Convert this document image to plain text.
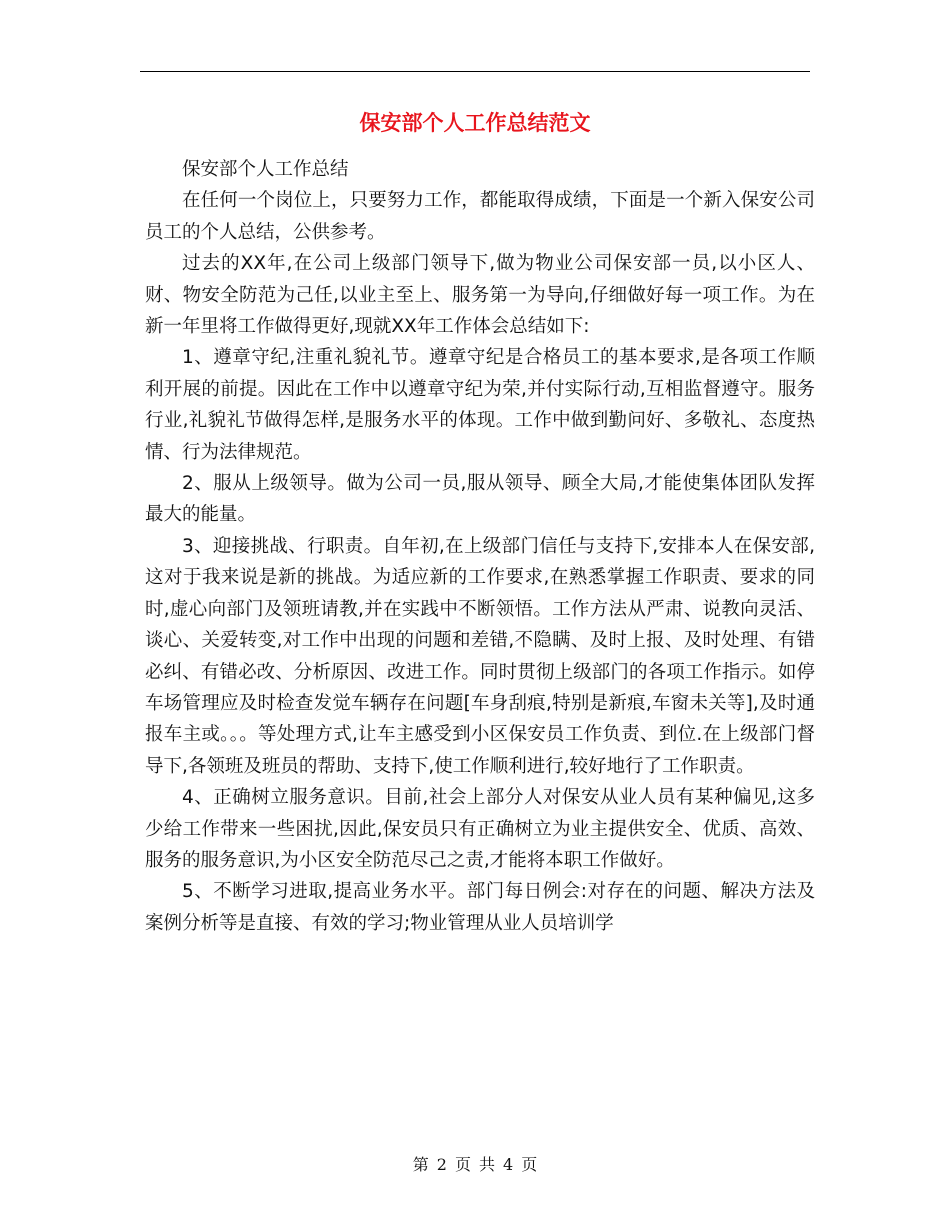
保安部个人工作总结范文

保安部个人工作总结

在任何一个岗位上，只要努力工作，都能取得成绩，下面是一个新入保安公司员工的个人总结，公供参考。

过去的XX年,在公司上级部门领导下,做为物业公司保安部一员,以小区人、财、物安全防范为己任,以业主至上、服务第一为导向,仔细做好每一项工作。为在新一年里将工作做得更好,现就XX年工作体会总结如下:

1、遵章守纪,注重礼貌礼节。遵章守纪是合格员工的基本要求,是各项工作顺利开展的前提。因此在工作中以遵章守纪为荣,并付实际行动,互相监督遵守。服务行业,礼貌礼节做得怎样,是服务水平的体现。工作中做到勤问好、多敬礼、态度热情、行为法律规范。

2、服从上级领导。做为公司一员,服从领导、顾全大局,才能使集体团队发挥最大的能量。

3、迎接挑战、行职责。自年初,在上级部门信任与支持下,安排本人在保安部,这对于我来说是新的挑战。为适应新的工作要求,在熟悉掌握工作职责、要求的同时,虚心向部门及领班请教,并在实践中不断领悟。工作方法从严肃、说教向灵活、谈心、关爱转变,对工作中出现的问题和差错,不隐瞒、及时上报、及时处理、有错必纠、有错必改、分析原因、改进工作。同时贯彻上级部门的各项工作指示。如停车场管理应及时检查发觉车辆存在问题[车身刮痕,特别是新痕,车窗未关等],及时通报车主或。。。等处理方式,让车主感受到小区保安员工作负责、到位.在上级部门督导下,各领班及班员的帮助、支持下,使工作顺利进行,较好地行了工作职责。

4、正确树立服务意识。目前,社会上部分人对保安从业人员有某种偏见,这多少给工作带来一些困扰,因此,保安员只有正确树立为业主提供安全、优质、高效、服务的服务意识,为小区安全防范尽己之责,才能将本职工作做好。

5、不断学习进取,提高业务水平。部门每日例会:对存在的问题、解决方法及案例分析等是直接、有效的学习;物业管理从业人员培训学

第 2 页 共 4 页
